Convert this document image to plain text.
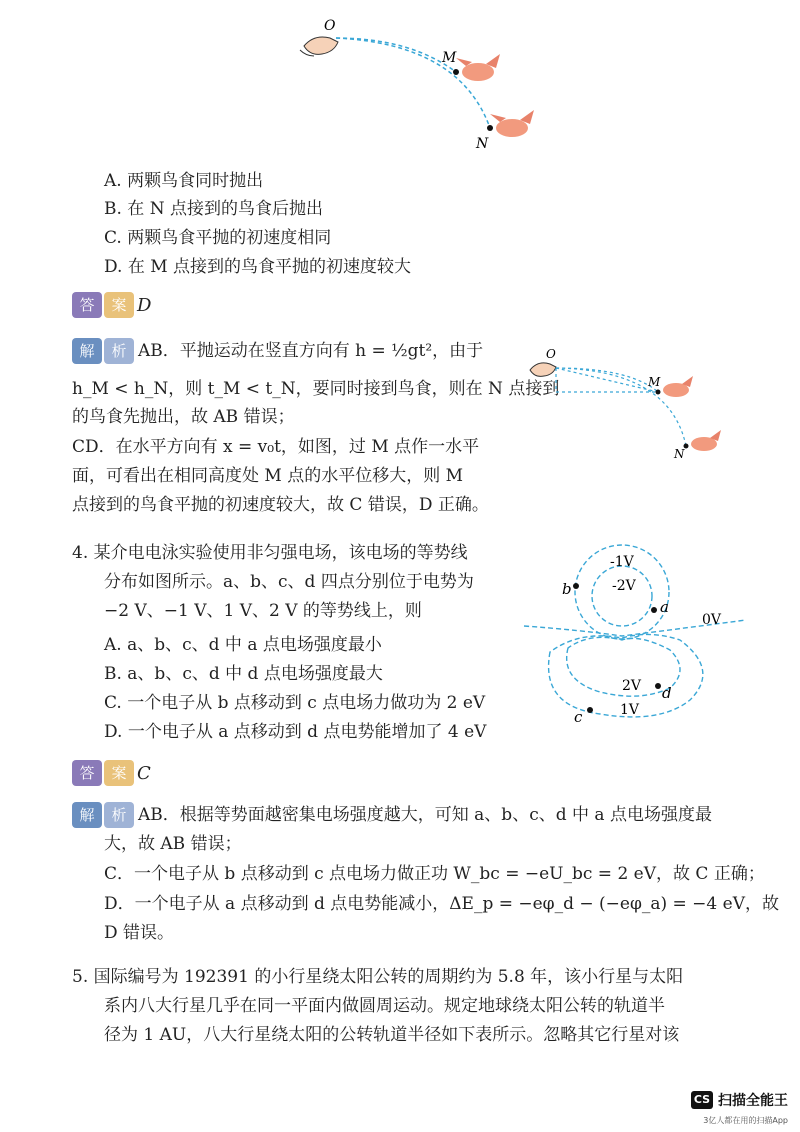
O
M
N
A. 两颗鸟食同时抛出
B. 在 N 点接到的鸟食后抛出
C. 两颗鸟食平抛的初速度相同
D. 在 M 点接到的鸟食平抛的初速度较大
答	案 D
解	析 AB．平抛运动在竖直方向有 h = ½gt²，由于
h_M < h_N，则 t_M < t_N，要同时接到鸟食，则在 N 点接到
的鸟食先抛出，故 AB 错误；
CD．在水平方向有 x = v₀t，如图，过 M 点作一水平
面，可看出在相同高度处 M 点的水平位移大，则 M
点接到的鸟食平抛的初速度较大，故 C 错误，D 正确。
O
M
N
4. 某介电电泳实验使用非匀强电场，该电场的等势线
分布如图所示。a、b、c、d 四点分别位于电势为
−2 V、−1 V、1 V、2 V 的等势线上，则
A. a、b、c、d 中 a 点电场强度最小
B. a、b、c、d 中 d 点电场强度最大
C. 一个电子从 b 点移动到 c 点电场力做功为 2 eV
D. 一个电子从 a 点移动到 d 点电势能增加了 4 eV
-1V
-2V
0V
2V
1V
b
a
d
c
答	案 C
解	析 AB．根据等势面越密集电场强度越大，可知 a、b、c、d 中 a 点电场强度最
大，故 AB 错误；
C．一个电子从 b 点移动到 c 点电场力做正功 W_bc = −eU_bc = 2 eV，故 C 正确；
D．一个电子从 a 点移动到 d 点电势能减小，ΔE_p = −eφ_d − (−eφ_a) = −4 eV，故
D 错误。
5. 国际编号为 192391 的小行星绕太阳公转的周期约为 5.8 年，该小行星与太阳
系内八大行星几乎在同一平面内做圆周运动。规定地球绕太阳公转的轨道半
径为 1 AU，八大行星绕太阳的公转轨道半径如下表所示。忽略其它行星对该
CS 扫描全能王
3亿人都在用的扫描App
